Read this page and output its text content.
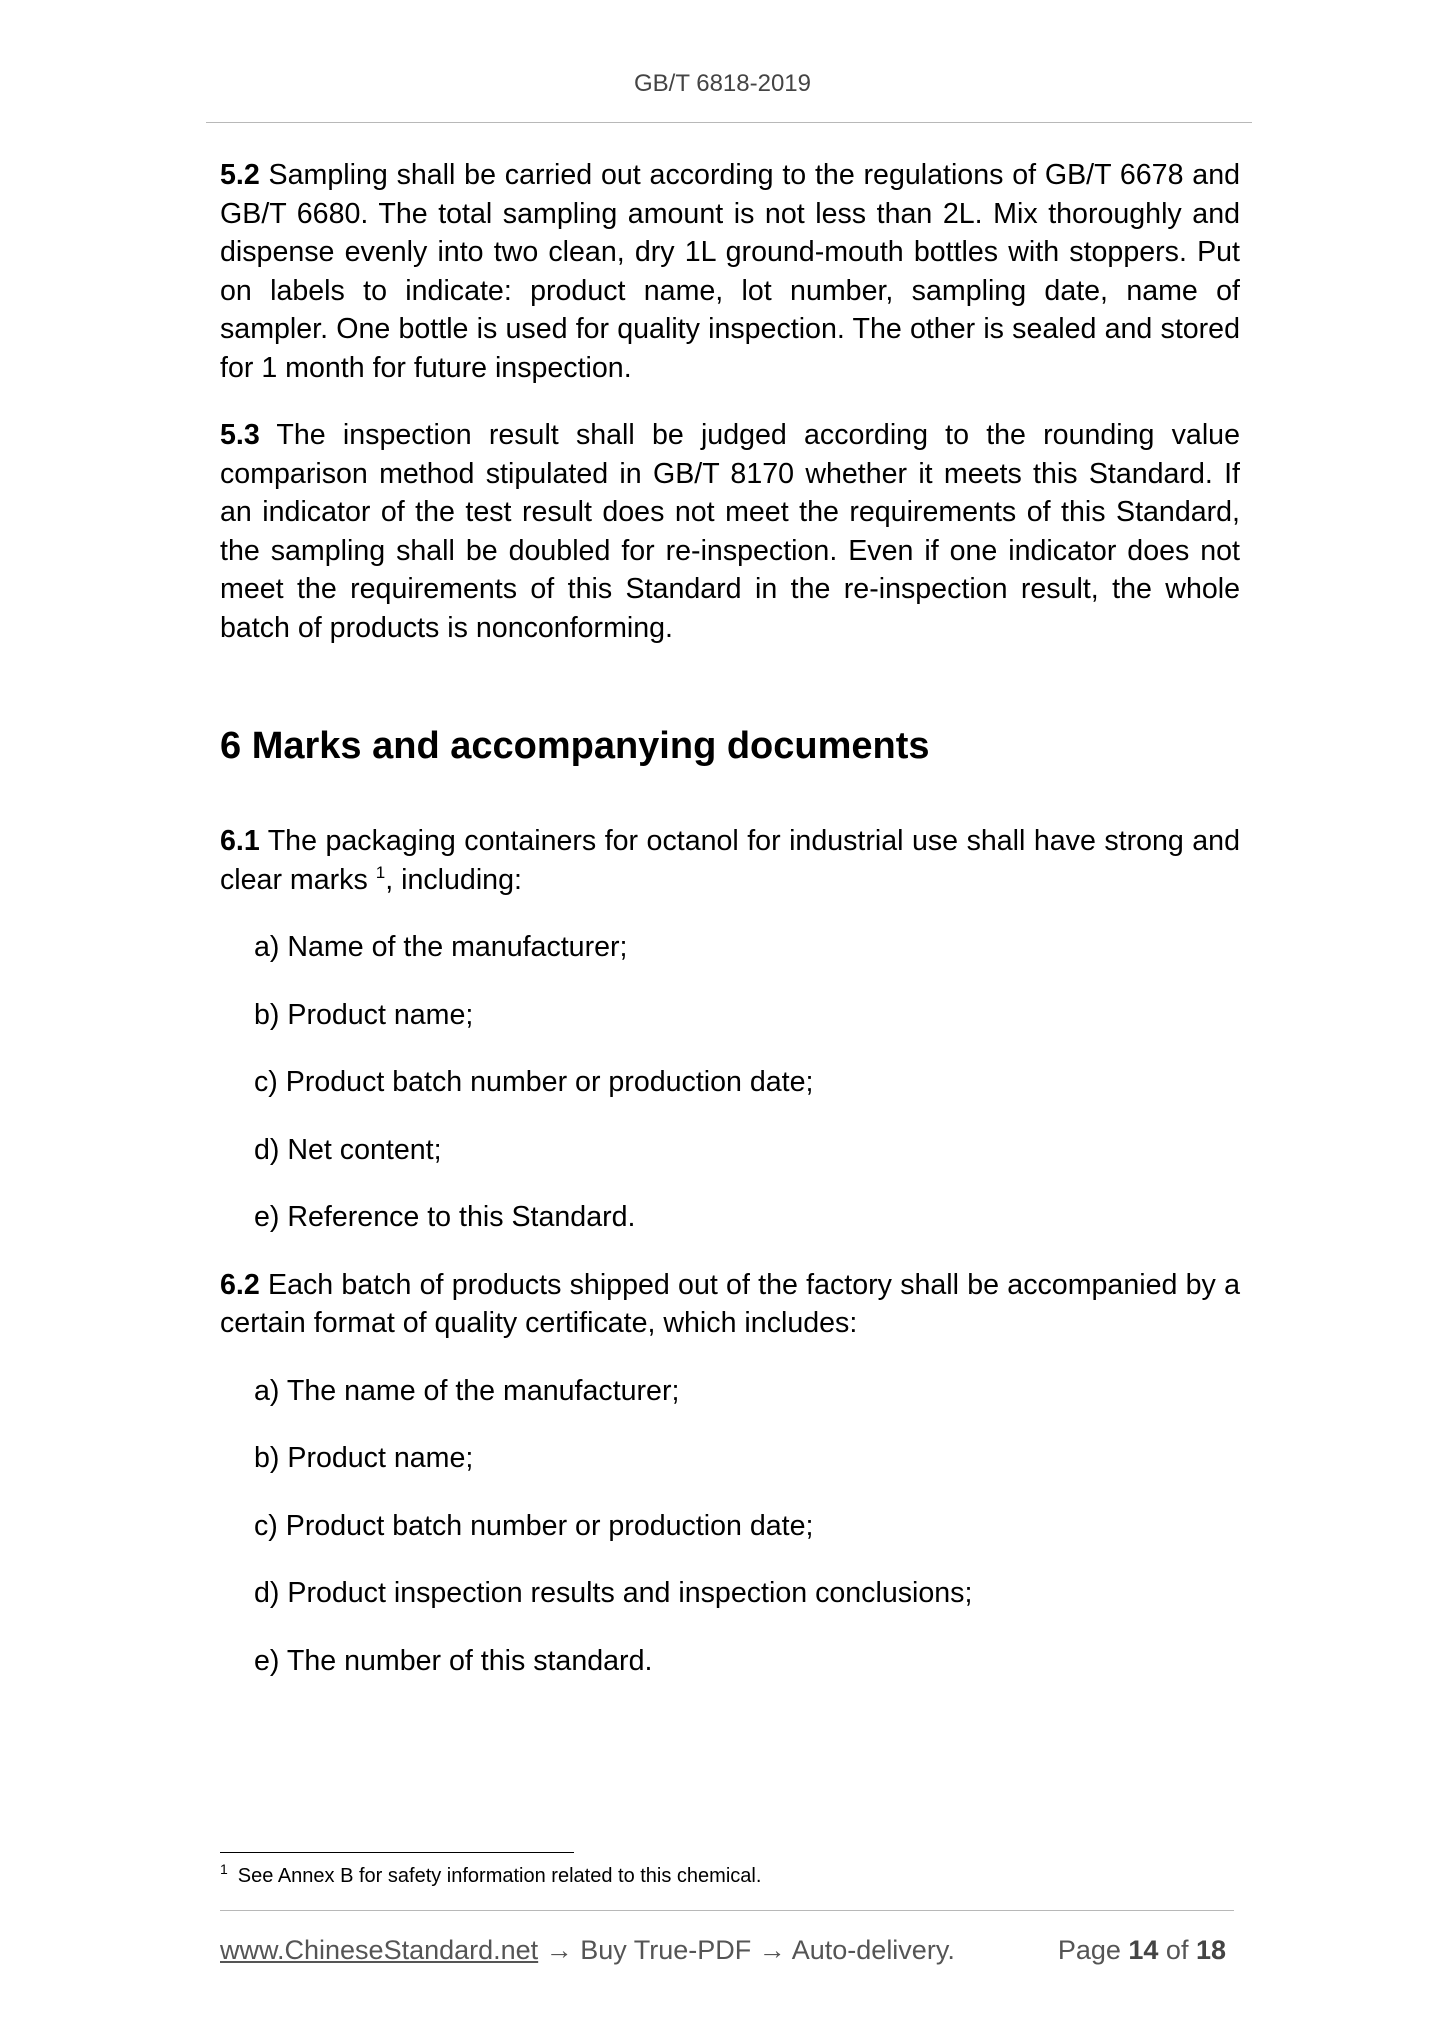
GB/T 6818-2019

5.2 Sampling shall be carried out according to the regulations of GB/T 6678 and GB/T 6680. The total sampling amount is not less than 2L. Mix thoroughly and dispense evenly into two clean, dry 1L ground-mouth bottles with stoppers. Put on labels to indicate: product name, lot number, sampling date, name of sampler. One bottle is used for quality inspection. The other is sealed and stored for 1 month for future inspection.

5.3 The inspection result shall be judged according to the rounding value comparison method stipulated in GB/T 8170 whether it meets this Standard. If an indicator of the test result does not meet the requirements of this Standard, the sampling shall be doubled for re-inspection. Even if one indicator does not meet the requirements of this Standard in the re-inspection result, the whole batch of products is nonconforming.

6 Marks and accompanying documents

6.1 The packaging containers for octanol for industrial use shall have strong and clear marks $^1$, including:

a) Name of the manufacturer;
b) Product name;
c) Product batch number or production date;
d) Net content;
e) Reference to this Standard.

6.2 Each batch of products shipped out of the factory shall be accompanied by a certain format of quality certificate, which includes:

a) The name of the manufacturer;
b) Product name;
c) Product batch number or production date;
d) Product inspection results and inspection conclusions;
e) The number of this standard.
$^1$ See Annex B for safety information related to this chemical.
www.ChineseStandard.net → Buy True-PDF → Auto-delivery.	Page 14 of 18
